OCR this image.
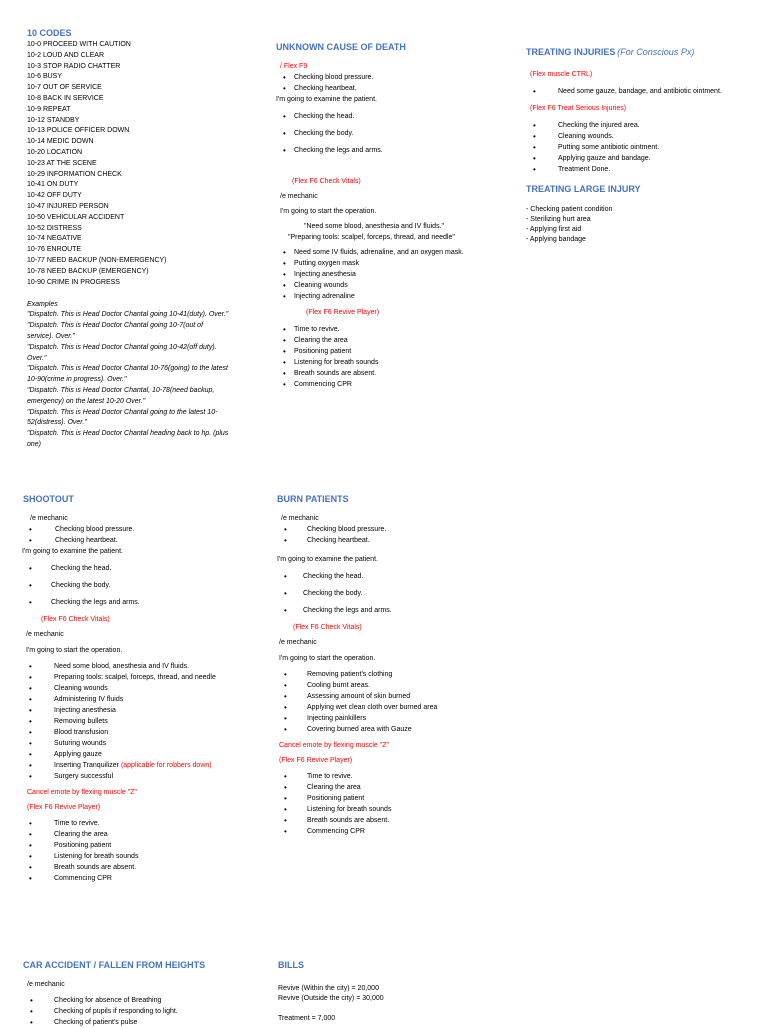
10 CODES
10-0 PROCEED WITH CAUTION
10-2 LOUD AND CLEAR
10-3 STOP RADIO CHATTER
10-6 BUSY
10-7 OUT OF SERVICE
10-8 BACK IN SERVICE
10-9 REPEAT
10-12 STANDBY
10-13 POLICE OFFICER DOWN
10-14 MEDIC DOWN
10-20 LOCATION
10-23 AT THE SCENE
10-29 INFORMATION CHECK
10-41 ON DUTY
10-42 OFF DUTY
10-47 INJURED PERSON
10-50 VEHICULAR ACCIDENT
10-52 DISTRESS
10-74 NEGATIVE
10-76 ENROUTE
10-77 NEED BACKUP (NON-EMERGENCY)
10-78 NEED BACKUP (EMERGENCY)
10-90 CRIME IN PROGRESS
Examples
"Dispatch. This is Head Doctor Chantal going 10-41(duty). Over."
"Dispatch. This is Head Doctor Chantal going 10-7(out of
service). Over."
"Dispatch. This is Head Doctor Chantal going 10-42(off duty).
Over."
"Dispatch. This is Head Doctor Chantal 10-76(going) to the latest
10-90(crime in progress). Over."
"Dispatch. This is Head Doctor Chantal, 10-78(need backup,
emergency) on the latest 10-20 Over."
"Dispatch. This is Head Doctor Chantal going to the latest 10-
52(distress). Over."
"Dispatch. This is Head Doctor Chantal heading back to hp. (plus
one)
UNKNOWN CAUSE OF DEATH
/ Flex F9
• Checking blood pressure.
• Checking heartbeat.
I'm going to examine the patient.
• Checking the head.
• Checking the body.
• Checking the legs and arms.
(Flex F6 Check Vitals)
/e mechanic
I'm going to start the operation.
"Need some blood, anesthesia and IV fluids."
"Preparing tools: scalpel, forceps, thread, and needle"
• Need some IV fluids, adrenaline, and an oxygen mask.
• Putting oxygen mask
• Injecting anesthesia
• Cleaning wounds
• Injecting adrenaline
(Flex F6 Revive Player)
• Time to revive.
• Clearing the area
• Positioning patient
• Listening for breath sounds
• Breath sounds are absent.
• Commencing CPR
TREATING INJURIES (For Conscious Px)
(Flex muscle CTRL)
• Need some gauze, bandage, and antibiotic ointment.
(Flex F6 Treat Serious Injuries)
• Checking the injured area.
• Cleaning wounds.
• Putting some antibiotic ointment.
• Applying gauze and bandage.
• Treatment Done.
TREATING LARGE INJURY
- Checking patient condition
- Sterilizing hurt area
- Applying first aid
- Applying bandage
SHOOTOUT
/e mechanic
• Checking blood pressure.
• Checking heartbeat.
I'm going to examine the patient.
• Checking the head.
• Checking the body.
• Checking the legs and arms.
(Flex F6 Check Vitals)
/e mechanic
I'm going to start the operation.
• Need some blood, anesthesia and IV fluids.
• Preparing tools: scalpel, forceps, thread, and needle
• Cleaning wounds
• Administering IV fluids
• Injecting anesthesia
• Removing bullets
• Blood transfusion
• Suturing wounds
• Applying gauze
• Inserting Tranquilizer (applicable for robbers down)
• Surgery successful
Cancel emote by flexing muscle "Z"
(Flex F6 Revive Player)
• Time to revive.
• Clearing the area
• Positioning patient
• Listening for breath sounds
• Breath sounds are absent.
• Commencing CPR
BURN PATIENTS
/e mechanic
• Checking blood pressure.
• Checking heartbeat.
I'm going to examine the patient.
• Checking the head.
• Checking the body.
• Checking the legs and arms.
(Flex F6 Check Vitals)
/e mechanic
I'm going to start the operation.
• Removing patient's clothing
• Cooling burnt areas.
• Assessing amount of skin burned
• Applying wet clean cloth over burned area
• Injecting painkillers
• Covering burned area with Gauze
Cancel emote by flexing muscle "Z"
(Flex F6 Revive Player)
• Time to revive.
• Clearing the area
• Positioning patient
• Listening for breath sounds
• Breath sounds are absent.
• Commencing CPR
CAR ACCIDENT / FALLEN FROM HEIGHTS
/e mechanic
• Checking for absence of Breathing
• Checking of pupils if responding to light.
• Checking of patient's pulse
BILLS
Revive (Within the city) = 20,000
Revive (Outside the city) = 30,000
Treatment = 7,000
